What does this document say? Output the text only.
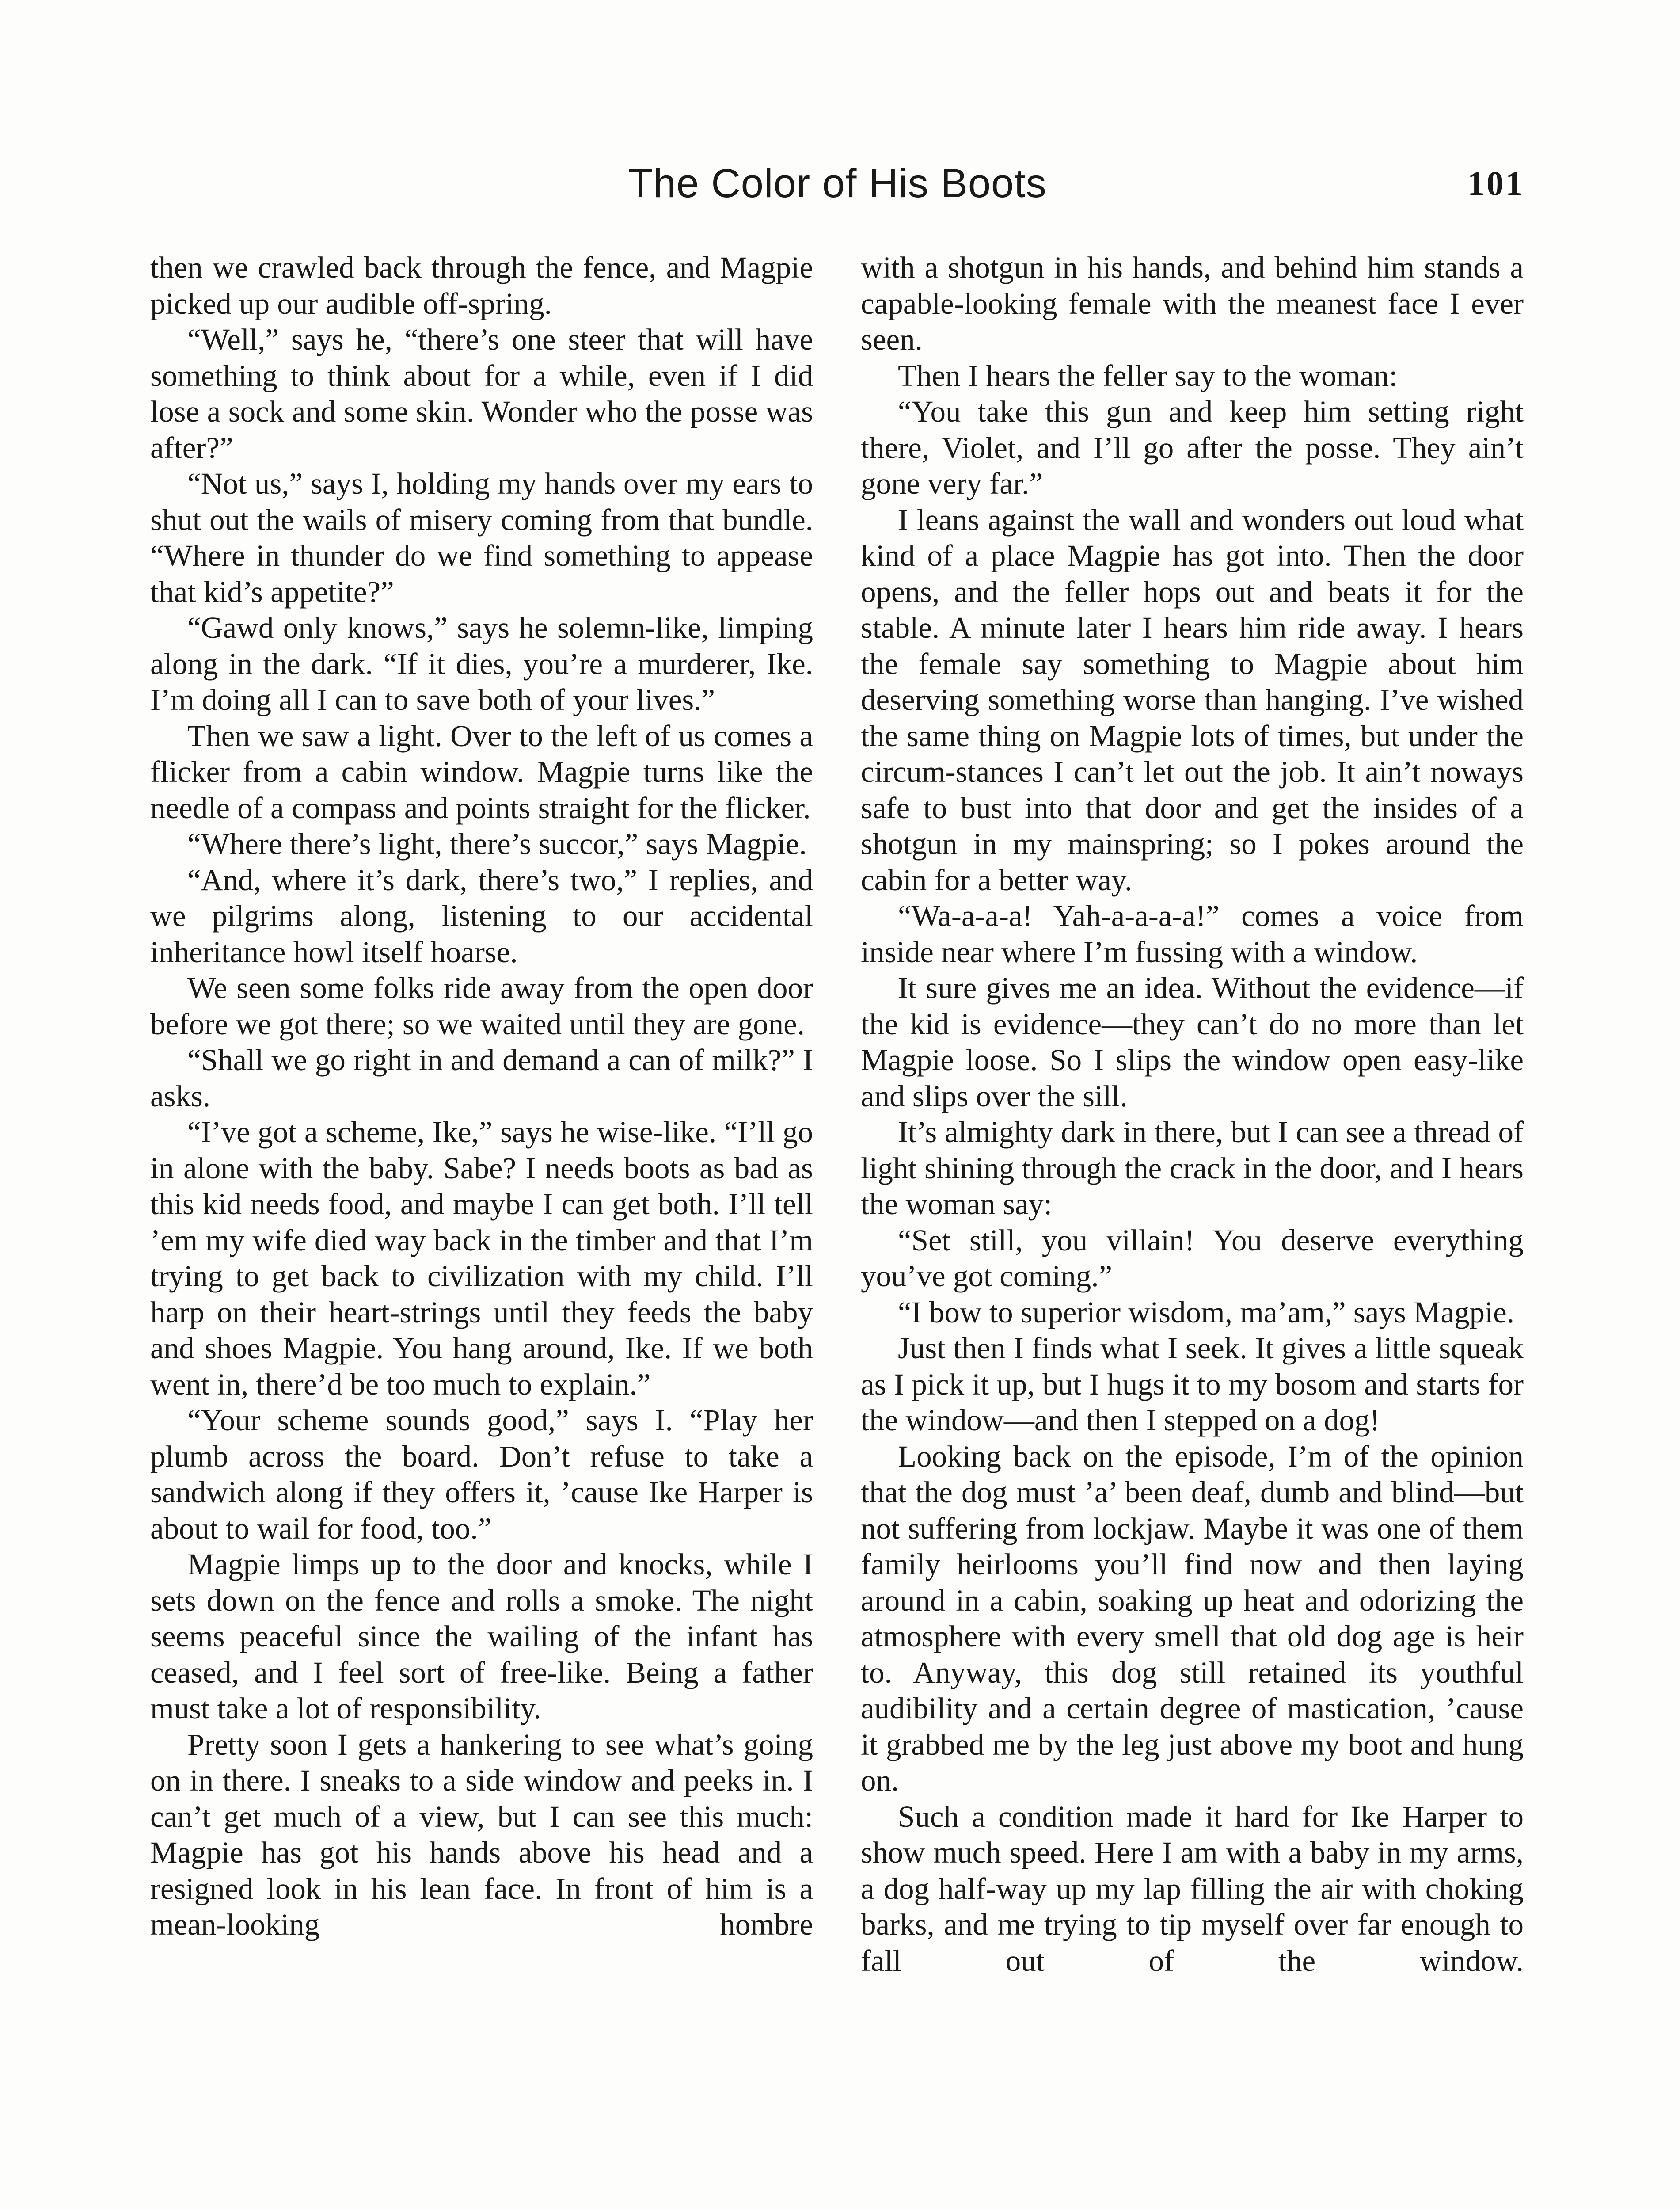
The Color of His Boots	101

then we crawled back through the fence, and Magpie picked up our audible off-spring.

“Well,” says he, “there’s one steer that will have something to think about for a while, even if I did lose a sock and some skin. Wonder who the posse was after?”

“Not us,” says I, holding my hands over my ears to shut out the wails of misery coming from that bundle. “Where in thunder do we find something to appease that kid’s appetite?”

“Gawd only knows,” says he solemn-like, limping along in the dark. “If it dies, you’re a murderer, Ike. I’m doing all I can to save both of your lives.”

Then we saw a light. Over to the left of us comes a flicker from a cabin window. Magpie turns like the needle of a compass and points straight for the flicker.

“Where there’s light, there’s succor,” says Magpie.

“And, where it’s dark, there’s two,” I replies, and we pilgrims along, listening to our accidental inheritance howl itself hoarse.

We seen some folks ride away from the open door before we got there; so we waited until they are gone.

“Shall we go right in and demand a can of milk?” I asks.

“I’ve got a scheme, Ike,” says he wise-like. “I’ll go in alone with the baby. Sabe? I needs boots as bad as this kid needs food, and maybe I can get both. I’ll tell ’em my wife died way back in the timber and that I’m trying to get back to civilization with my child. I’ll harp on their heart-strings until they feeds the baby and shoes Magpie. You hang around, Ike. If we both went in, there’d be too much to explain.”

“Your scheme sounds good,” says I. “Play her plumb across the board. Don’t refuse to take a sandwich along if they offers it, ’cause Ike Harper is about to wail for food, too.”

Magpie limps up to the door and knocks, while I sets down on the fence and rolls a smoke. The night seems peaceful since the wailing of the infant has ceased, and I feel sort of free-like. Being a father must take a lot of responsibility.

Pretty soon I gets a hankering to see what’s going on in there. I sneaks to a side window and peeks in. I can’t get much of a view, but I can see this much: Magpie has got his hands above his head and a resigned look in his lean face. In front of him is a mean-looking hombre

with a shotgun in his hands, and behind him stands a capable-looking female with the meanest face I ever seen.

Then I hears the feller say to the woman:

“You take this gun and keep him setting right there, Violet, and I’ll go after the posse. They ain’t gone very far.”

I leans against the wall and wonders out loud what kind of a place Magpie has got into. Then the door opens, and the feller hops out and beats it for the stable. A minute later I hears him ride away. I hears the female say something to Magpie about him deserving something worse than hanging. I’ve wished the same thing on Magpie lots of times, but under the circum-stances I can’t let out the job. It ain’t noways safe to bust into that door and get the insides of a shotgun in my mainspring; so I pokes around the cabin for a better way.

“Wa-a-a-a! Yah-a-a-a-a!” comes a voice from inside near where I’m fussing with a window.

It sure gives me an idea. Without the evidence—if the kid is evidence—they can’t do no more than let Magpie loose. So I slips the window open easy-like and slips over the sill.

It’s almighty dark in there, but I can see a thread of light shining through the crack in the door, and I hears the woman say:

“Set still, you villain! You deserve everything you’ve got coming.”

“I bow to superior wisdom, ma’am,” says Magpie.

Just then I finds what I seek. It gives a little squeak as I pick it up, but I hugs it to my bosom and starts for the window—and then I stepped on a dog!

Looking back on the episode, I’m of the opinion that the dog must ’a’ been deaf, dumb and blind—but not suffering from lockjaw. Maybe it was one of them family heirlooms you’ll find now and then laying around in a cabin, soaking up heat and odorizing the atmosphere with every smell that old dog age is heir to. Anyway, this dog still retained its youthful audibility and a certain degree of mastication, ’cause it grabbed me by the leg just above my boot and hung on.

Such a condition made it hard for Ike Harper to show much speed. Here I am with a baby in my arms, a dog half-way up my lap filling the air with choking barks, and me trying to tip myself over far enough to fall out of the window.
